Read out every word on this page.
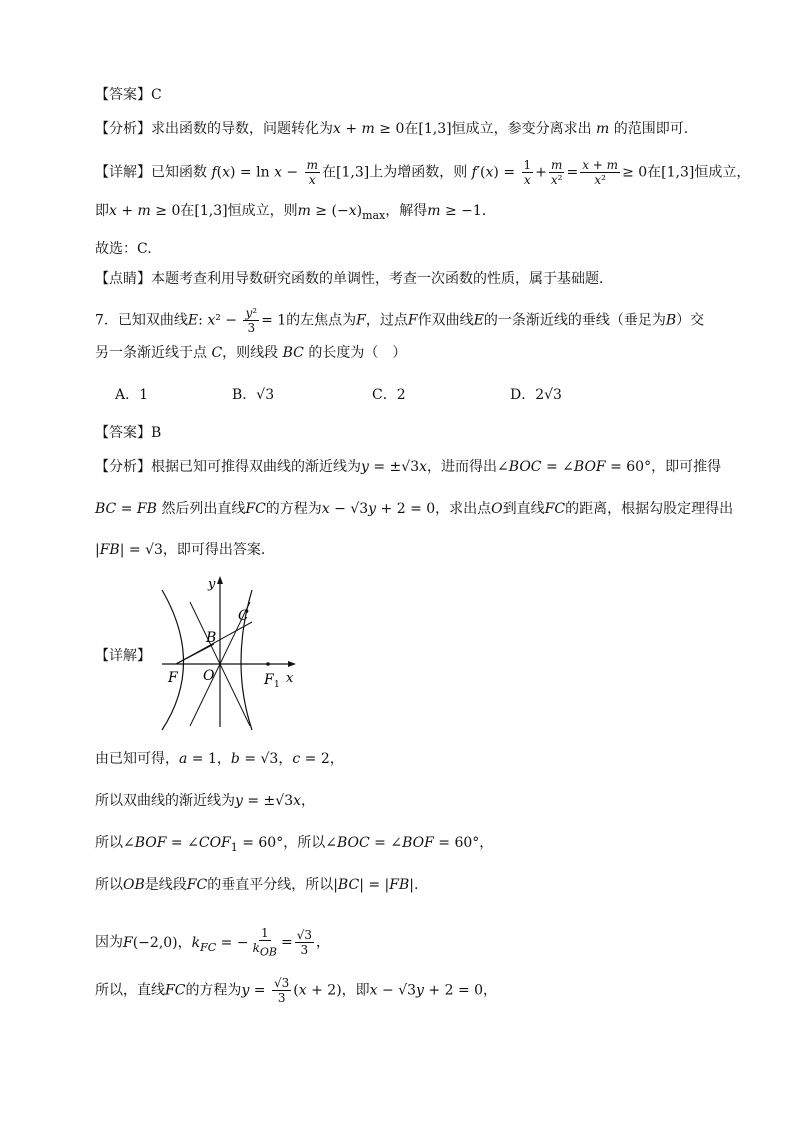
【答案】C
【分析】求出函数的导数，问题转化为x + m ≥ 0在[1,3]恒成立，参变分离求出 m 的范围即可.
【详解】已知函数 $f(x) = \ln x - \frac{m}{x}$ 在[1,3]上为增函数，则 $f'(x) = \frac{1}{x} + \frac{m}{\text{x²}} = \frac{x + m}{\text{x²}} \ge 0$在[1,3]恒成立，
即x + m ≥ 0在[1,3]恒成立，则$m \ge (-x)_{max}$，解得m ≥ −1.
故选：C.
【点睛】本题考查利用导数研究函数的单调性，考查一次函数的性质，属于基础题．
7．已知双曲线E: $x^2 - \frac{\text{y²}}{3} = 1$的左焦点为F，过点F作双曲线E的一条渐近线的垂线（垂足为B）交
另一条渐近线于点 C，则线段 BC 的长度为（　）
A．1	B．√3	C．2	D．2√3
【答案】B
【分析】根据已知可推得双曲线的渐近线为y = ±√3x，进而得出∠BOC = ∠BOF = 60°，即可推得
BC = FB 然后列出直线FC的方程为x − √3y + 2 = 0，求出点O到直线FC的距离，根据勾股定理得出
|FB| = √3，即可得出答案.
【详解】
y
x
C
B
F O	F 1
由已知可得，a = 1，b = √3，c = 2，
所以双曲线的渐近线为y = ±√3x，
所以∠BOF = $\angle COF_1 = 60^\circ$，所以∠BOC = ∠BOF = 60°，
所以OB是线段FC的垂直平分线，所以|BC| = |FB|.
因为F(−2,0)，$k_{FC}$ = − $\frac{1}{k_{OB}} = \frac{√3}{3}$ ，
所以，直线FC的方程为$y = \frac{√3}{3} (x + 2)$，即x − √3y + 2 = 0，
